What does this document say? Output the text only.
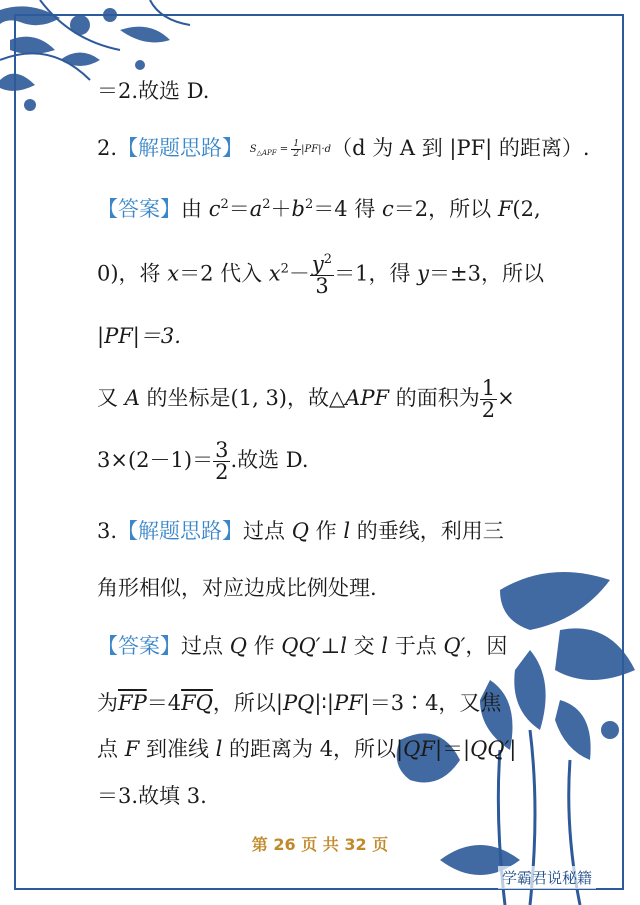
＝2.故选 D.
2.【解题思路】 $S_{\triangle APF} = \frac{1}{2} |PF|\cdot d(d$ 为 A 到 |PF| 的距离）.
【答案】由 $c^2=a^2+b^2=4$ 得 c＝2，所以 F(2,
0)，将 x＝2 代入 $x^2- \frac{y^2}{3} =1$，得 y＝±3，所以
|PF|＝3.
又 A 的坐标是(1, 3)，故△APF 的面积为 $\frac{1}{2}$ ×
$3\times(2-1)= \frac{3}{2}$ .故选 D.
3.【解题思路】过点 Q 作 l 的垂线，利用三
角形相似，对应边成比例处理.
【答案】过点 Q 作 QQ′⊥l 交 l 于点 Q′，因
为$\overline{FP}=4\overline{FQ}$，所以|PQ|∶|PF|＝3∶4，又焦
点 F 到准线 l 的距离为 4，所以|QF|＝|QQ′|
＝3.故填 3.
第 26 页 共 32 页
学霸君说秘籍
